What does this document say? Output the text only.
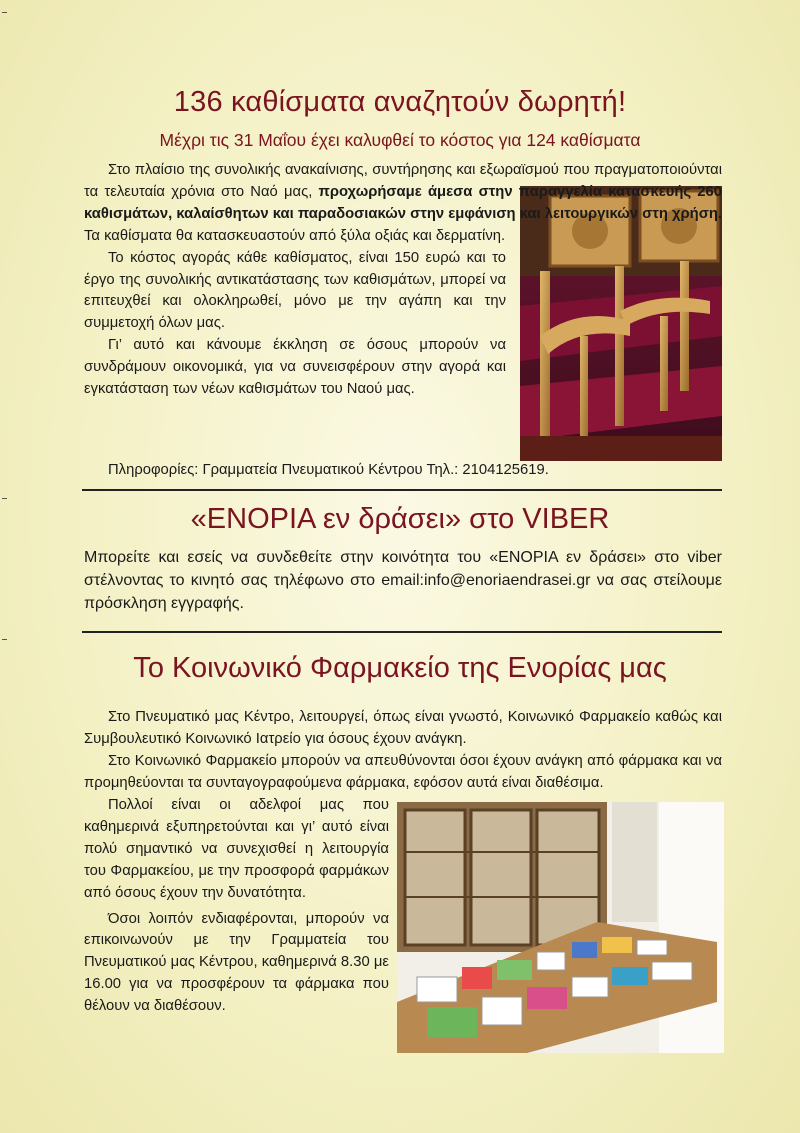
136 καθίσματα αναζητούν δωρητή!
Μέχρι τις 31 Μαΐου έχει καλυφθεί το κόστος για 124 καθίσματα

Στο πλαίσιο της συνολικής ανακαίνισης, συντήρησης και εξωραϊσμού που πραγματοποιούνται τα τελευταία χρόνια στο Ναό μας, προχωρήσαμε άμεσα στην παραγγελία κατασκευής 260 καθισμάτων, καλαίσθητων και παραδοσιακών στην εμφάνιση και λειτουργικών στη χρήση. Τα καθίσματα θα κατασκευαστούν από ξύλα οξιάς και δερματίνη.

Το κόστος αγοράς κάθε καθίσματος, είναι 150 ευρώ και το έργο της συνολικής αντικατάστασης των καθισμάτων, μπορεί να επιτευχθεί και ολοκληρωθεί, μόνο με την αγάπη και την συμμετοχή όλων μας.

Γι’ αυτό και κάνουμε έκκληση σε όσους μπορούν να συνδράμουν οικονομικά, για να συνεισφέρουν στην αγορά και εγκατάσταση των νέων καθισμάτων του Ναού μας.

Πληροφορίες: Γραμματεία Πνευματικού Κέντρου Τηλ.: 2104125619.
«ΕΝΟΡΙΑ εν δράσει» στο VIBER
Μπορείτε και εσείς να συνδεθείτε στην κοινότητα του «ΕΝΟΡΙΑ εν δράσει» στο viber στέλνοντας το κινητό σας τηλέφωνο στο email:info@enoriaendrasei.gr να σας στείλουμε πρόσκληση εγγραφής.
Το Κοινωνικό Φαρμακείο της Ενορίας μας

Στο Πνευματικό μας Κέντρο, λειτουργεί, όπως είναι γνωστό, Κοινωνικό Φαρμακείο καθώς και Συμβουλευτικό Κοινωνικό Ιατρείο για όσους έχουν ανάγκη.

Στο Κοινωνικό Φαρμακείο μπορούν να απευθύνονται όσοι έχουν ανάγκη από φάρμακα και να προμηθεύονται τα συνταγογραφούμενα φάρμακα, εφόσον αυτά είναι διαθέσιμα.

Πολλοί είναι οι αδελφοί μας που καθημερινά εξυπηρετούνται και γι’ αυτό είναι πολύ σημαντικό να συνεχισθεί η λειτουργία του Φαρμακείου, με την προσφορά φαρμάκων από όσους έχουν την δυνατότητα.

Όσοι λοιπόν ενδιαφέρονται, μπορούν να επικοινωνούν με την Γραμματεία του Πνευματικού μας Κέντρου, καθημερινά 8.30 με 16.00 για να προσφέρουν τα φάρμακα που θέλουν να διαθέσουν.
